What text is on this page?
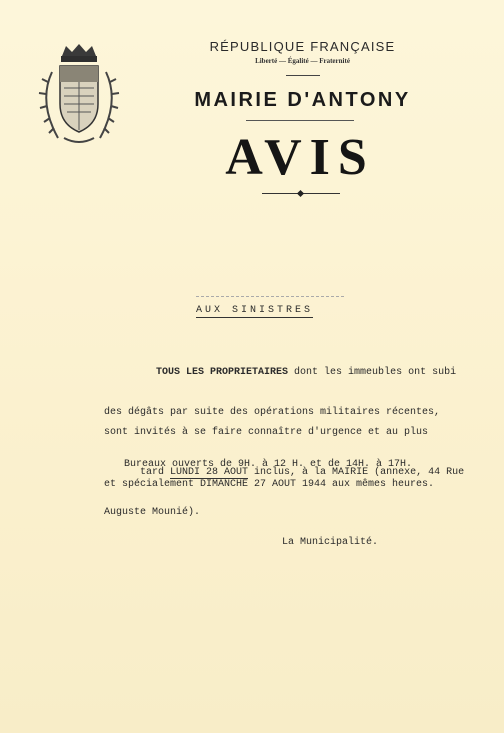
RÉPUBLIQUE FRANÇAISE
Liberté — Égalité — Fraternité
MAIRIE D'ANTONY
AVIS
AUX SINISTRES

TOUS LES PROPRIETAIRES dont les immeubles ont subi

des dégâts par suite des opérations militaires récentes,
sont invités à se faire connaître d'urgence et au plus

tard LUNDI 28 AOUT inclus, à la MAIRIE (annexe, 44 Rue

Auguste Mounié).
Bureaux ouverts de 9H. à 12 H. et de 14H. à 17H.
et spécialement DIMANCHE 27 AOUT 1944 aux mêmes heures.
La Municipalité.
